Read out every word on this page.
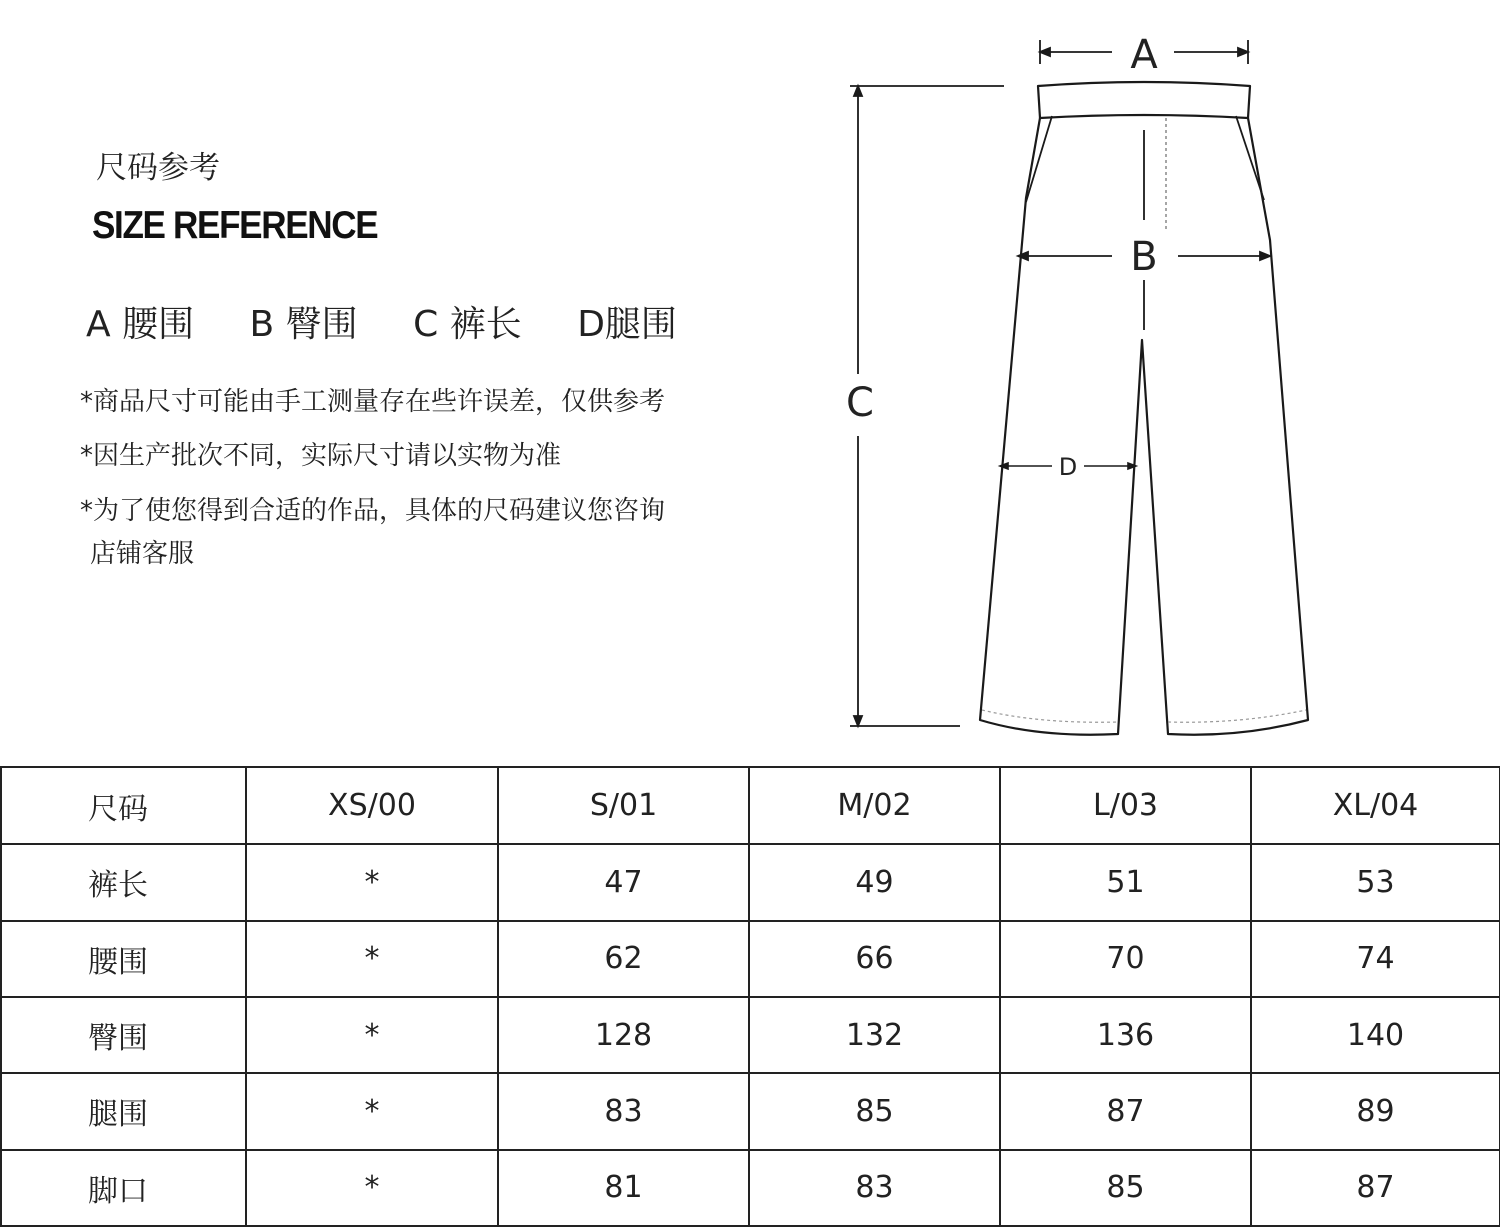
尺码参考
SIZE REFERENCE
A 腰围 B 臀围 C 裤长 D腿围
*商品尺寸可能由手工测量存在些许误差，仅供参考
*因生产批次不同，实际尺寸请以实物为准
*为了使您得到合适的作品，具体的尺码建议您咨询
店铺客服
A
B
C
D
尺码	XS/00	S/01	M/02	L/03	XL/04
裤长	*	47	49	51	53
腰围	*	62	66	70	74
臀围	*	128	132	136	140
腿围	*	83	85	87	89
脚口	*	81	83	85	87
